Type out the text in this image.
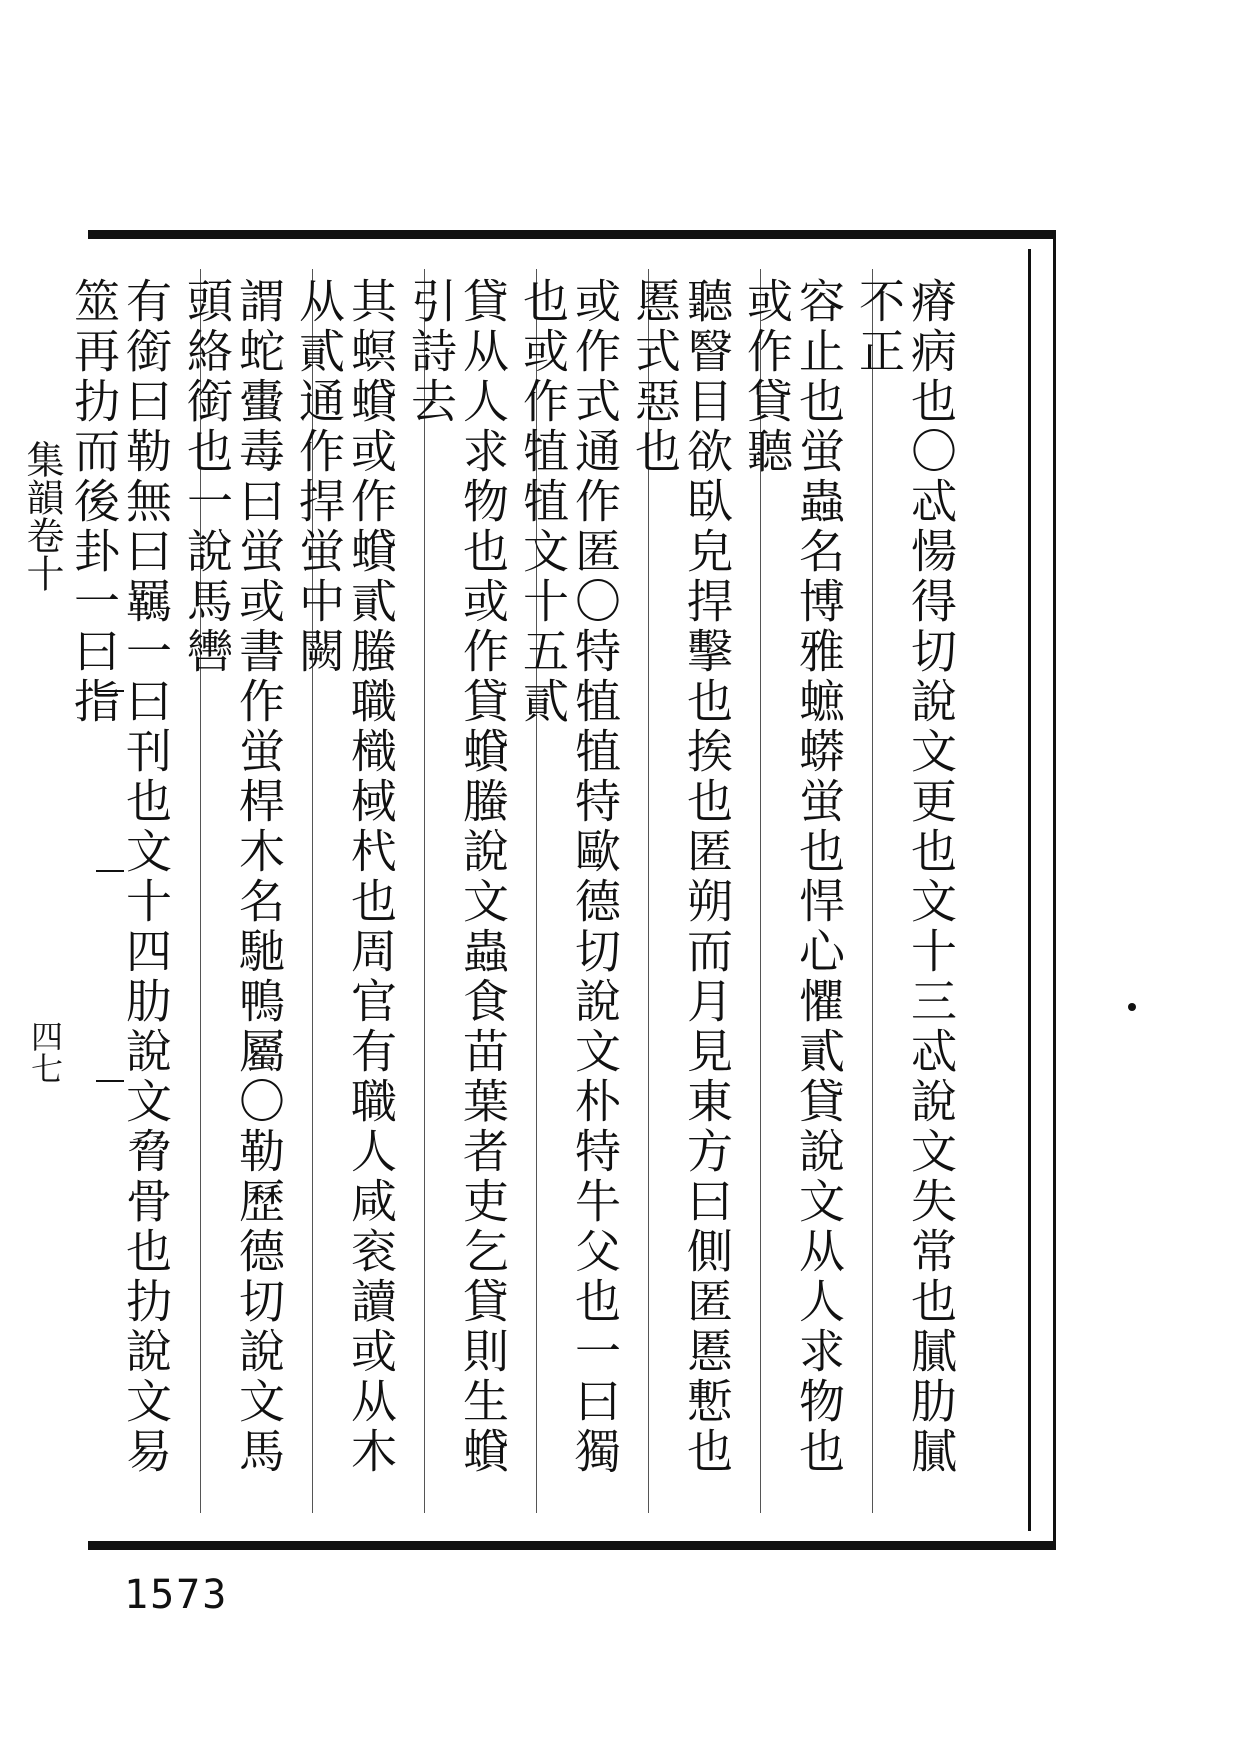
集韻卷十
四七	有銜曰勒無曰羈一曰刊也文十四肋說文脅骨也扐說文易筮再扐而後卦一曰指	謂蛇蟗毒曰蛍或書作蛍桿木名馳鴨屬〇勒歷德切說文馬頭絡銜也一說馬轡	其螟蟘或作蟘貳螣職樴棫杙也周官有職人咸衮讀或从木从貳通作捍蛍中闕	貸从人求物也或作貸蟘螣說文蟲食苗葉者吏乞貸則生蟘引詩去	或作式通作匿〇特犆犆特歐德切說文朴特牛父也一曰獨也或作犆犆文十五貳	聽瞖目欲臥皃捍擊也挨也匿朔而月見東方曰側匿慝慙也慝式惡也	容止也蛍蟲名博雅蟅蟒蛍也悍心懼貳貸說文从人求物也或作貸聽	瘠病也〇忒愓得切說文更也文十三忒說文失常也膩肋膩不正
1573
